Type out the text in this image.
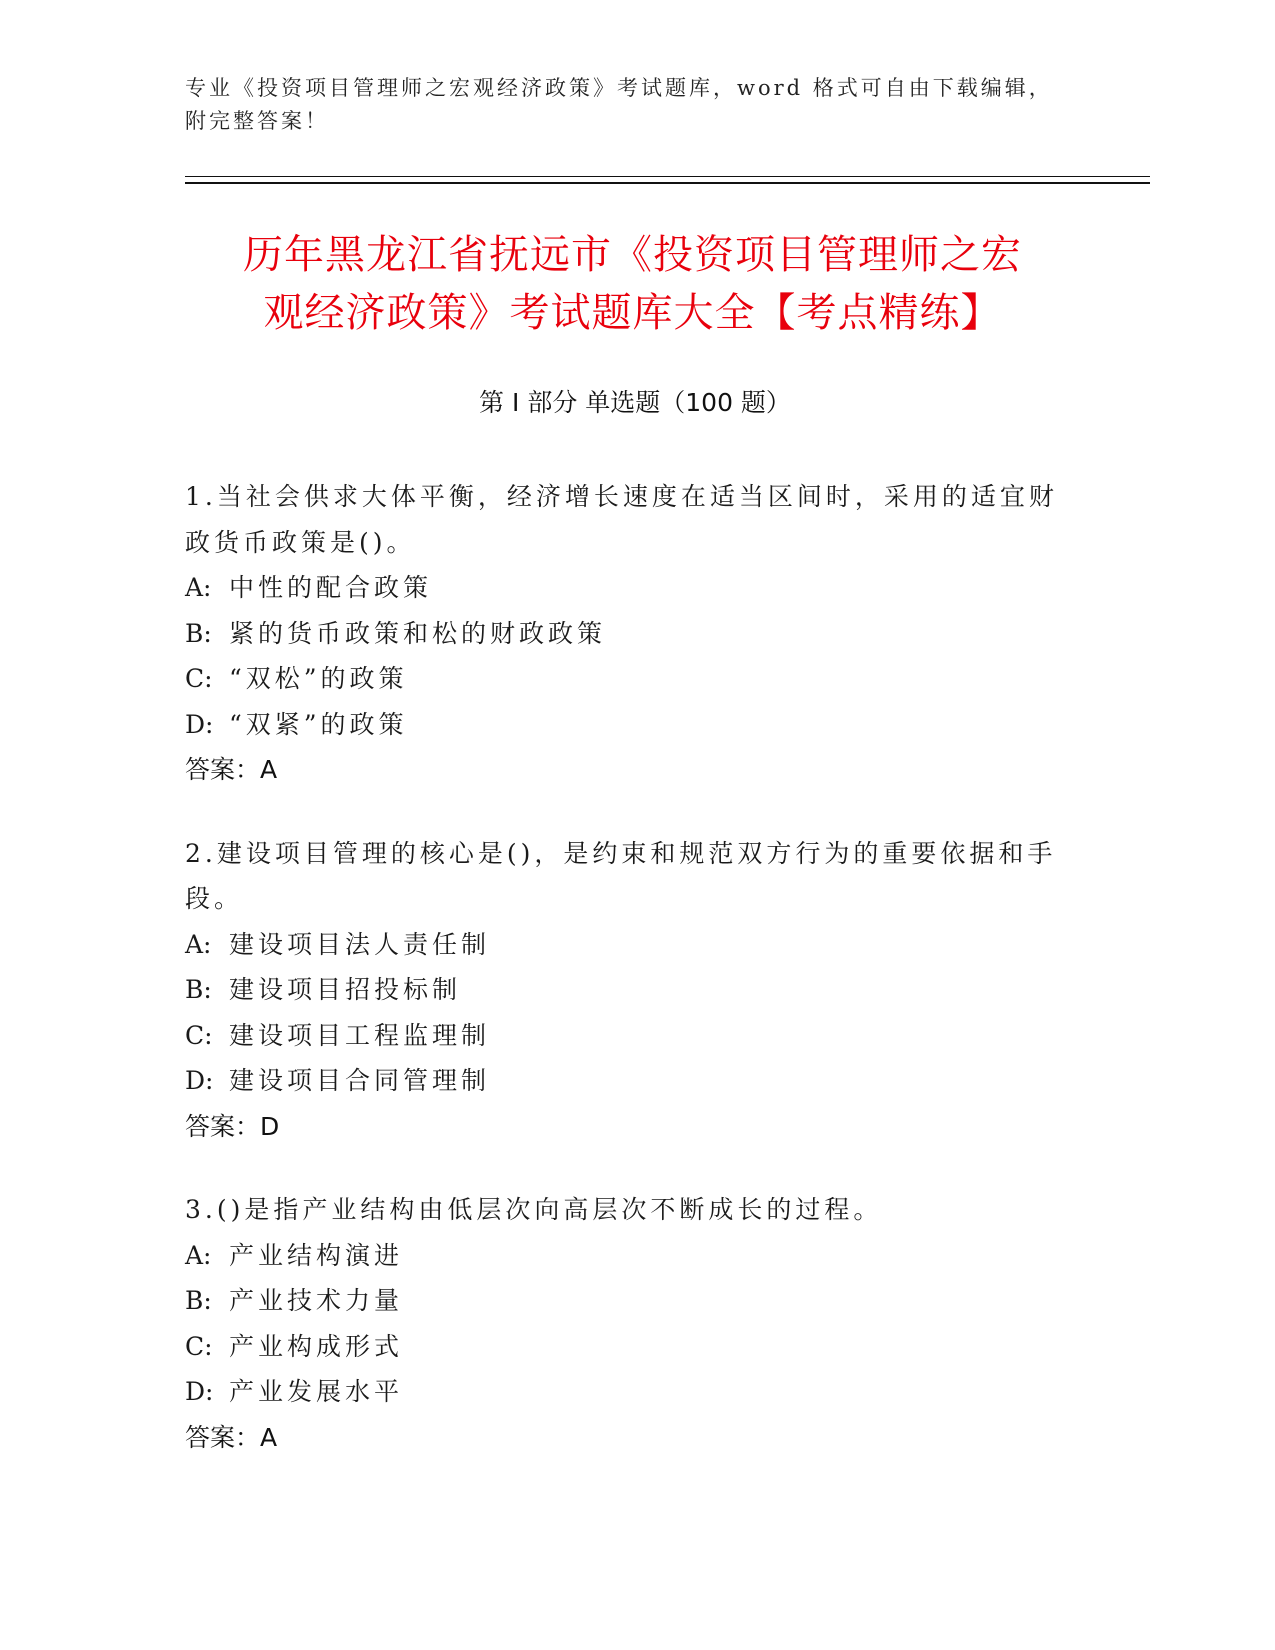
专业《投资项目管理师之宏观经济政策》考试题库，word 格式可自由下载编辑，附完整答案！
历年黑龙江省抚远市《投资项目管理师之宏
观经济政策》考试题库大全【考点精练】
第 I 部分 单选题（100 题）

1.当社会供求大体平衡，经济增长速度在适当区间时，采用的适宜财政货币政策是()。

A: 中性的配合政策

B: 紧的货币政策和松的财政政策

C: “双松”的政策

D: “双紧”的政策

答案：A

2.建设项目管理的核心是()，是约束和规范双方行为的重要依据和手段。

A: 建设项目法人责任制

B: 建设项目招投标制

C: 建设项目工程监理制

D: 建设项目合同管理制

答案：D

3.()是指产业结构由低层次向高层次不断成长的过程。

A: 产业结构演进

B: 产业技术力量

C: 产业构成形式

D: 产业发展水平

答案：A
